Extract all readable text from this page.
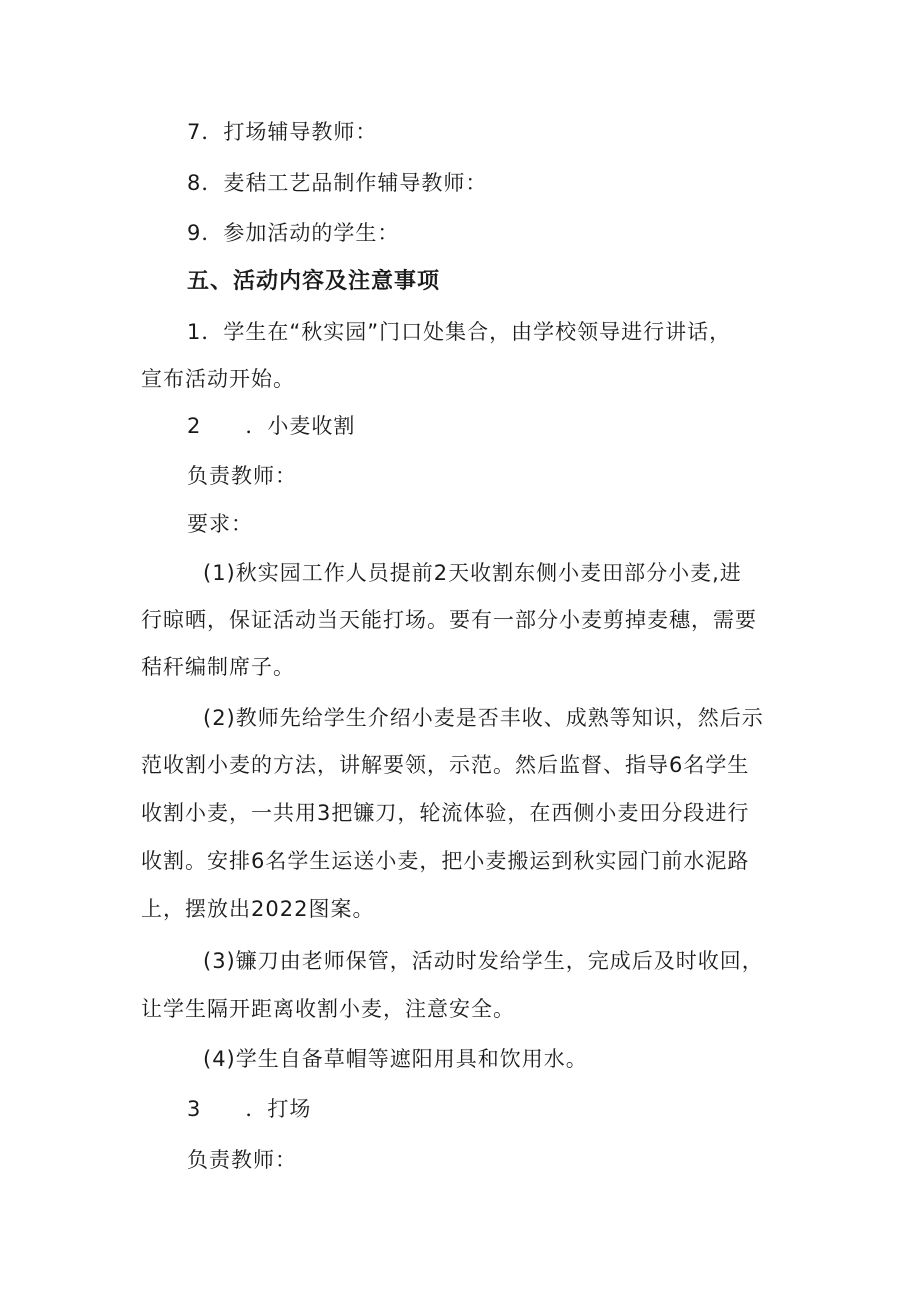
7．打场辅导教师：
8．麦秸工艺品制作辅导教师：
9．参加活动的学生：
五、活动内容及注意事项
1．学生在“秋实园”门口处集合，由学校领导进行讲话，
宣布活动开始。
2 ．小麦收割
负责教师：
要求：
(1)秋实园工作人员提前2天收割东侧小麦田部分小麦,进
行晾晒，保证活动当天能打场。要有一部分小麦剪掉麦穗，需要
秸秆编制席子。
(2)教师先给学生介绍小麦是否丰收、成熟等知识，然后示
范收割小麦的方法，讲解要领，示范。然后监督、指导6名学生
收割小麦，一共用3把镰刀，轮流体验，在西侧小麦田分段进行
收割。安排6名学生运送小麦，把小麦搬运到秋实园门前水泥路
上，摆放出2022图案。
(3)镰刀由老师保管，活动时发给学生，完成后及时收回，
让学生隔开距离收割小麦，注意安全。
(4)学生自备草帽等遮阳用具和饮用水。
3 ．打场
负责教师：
